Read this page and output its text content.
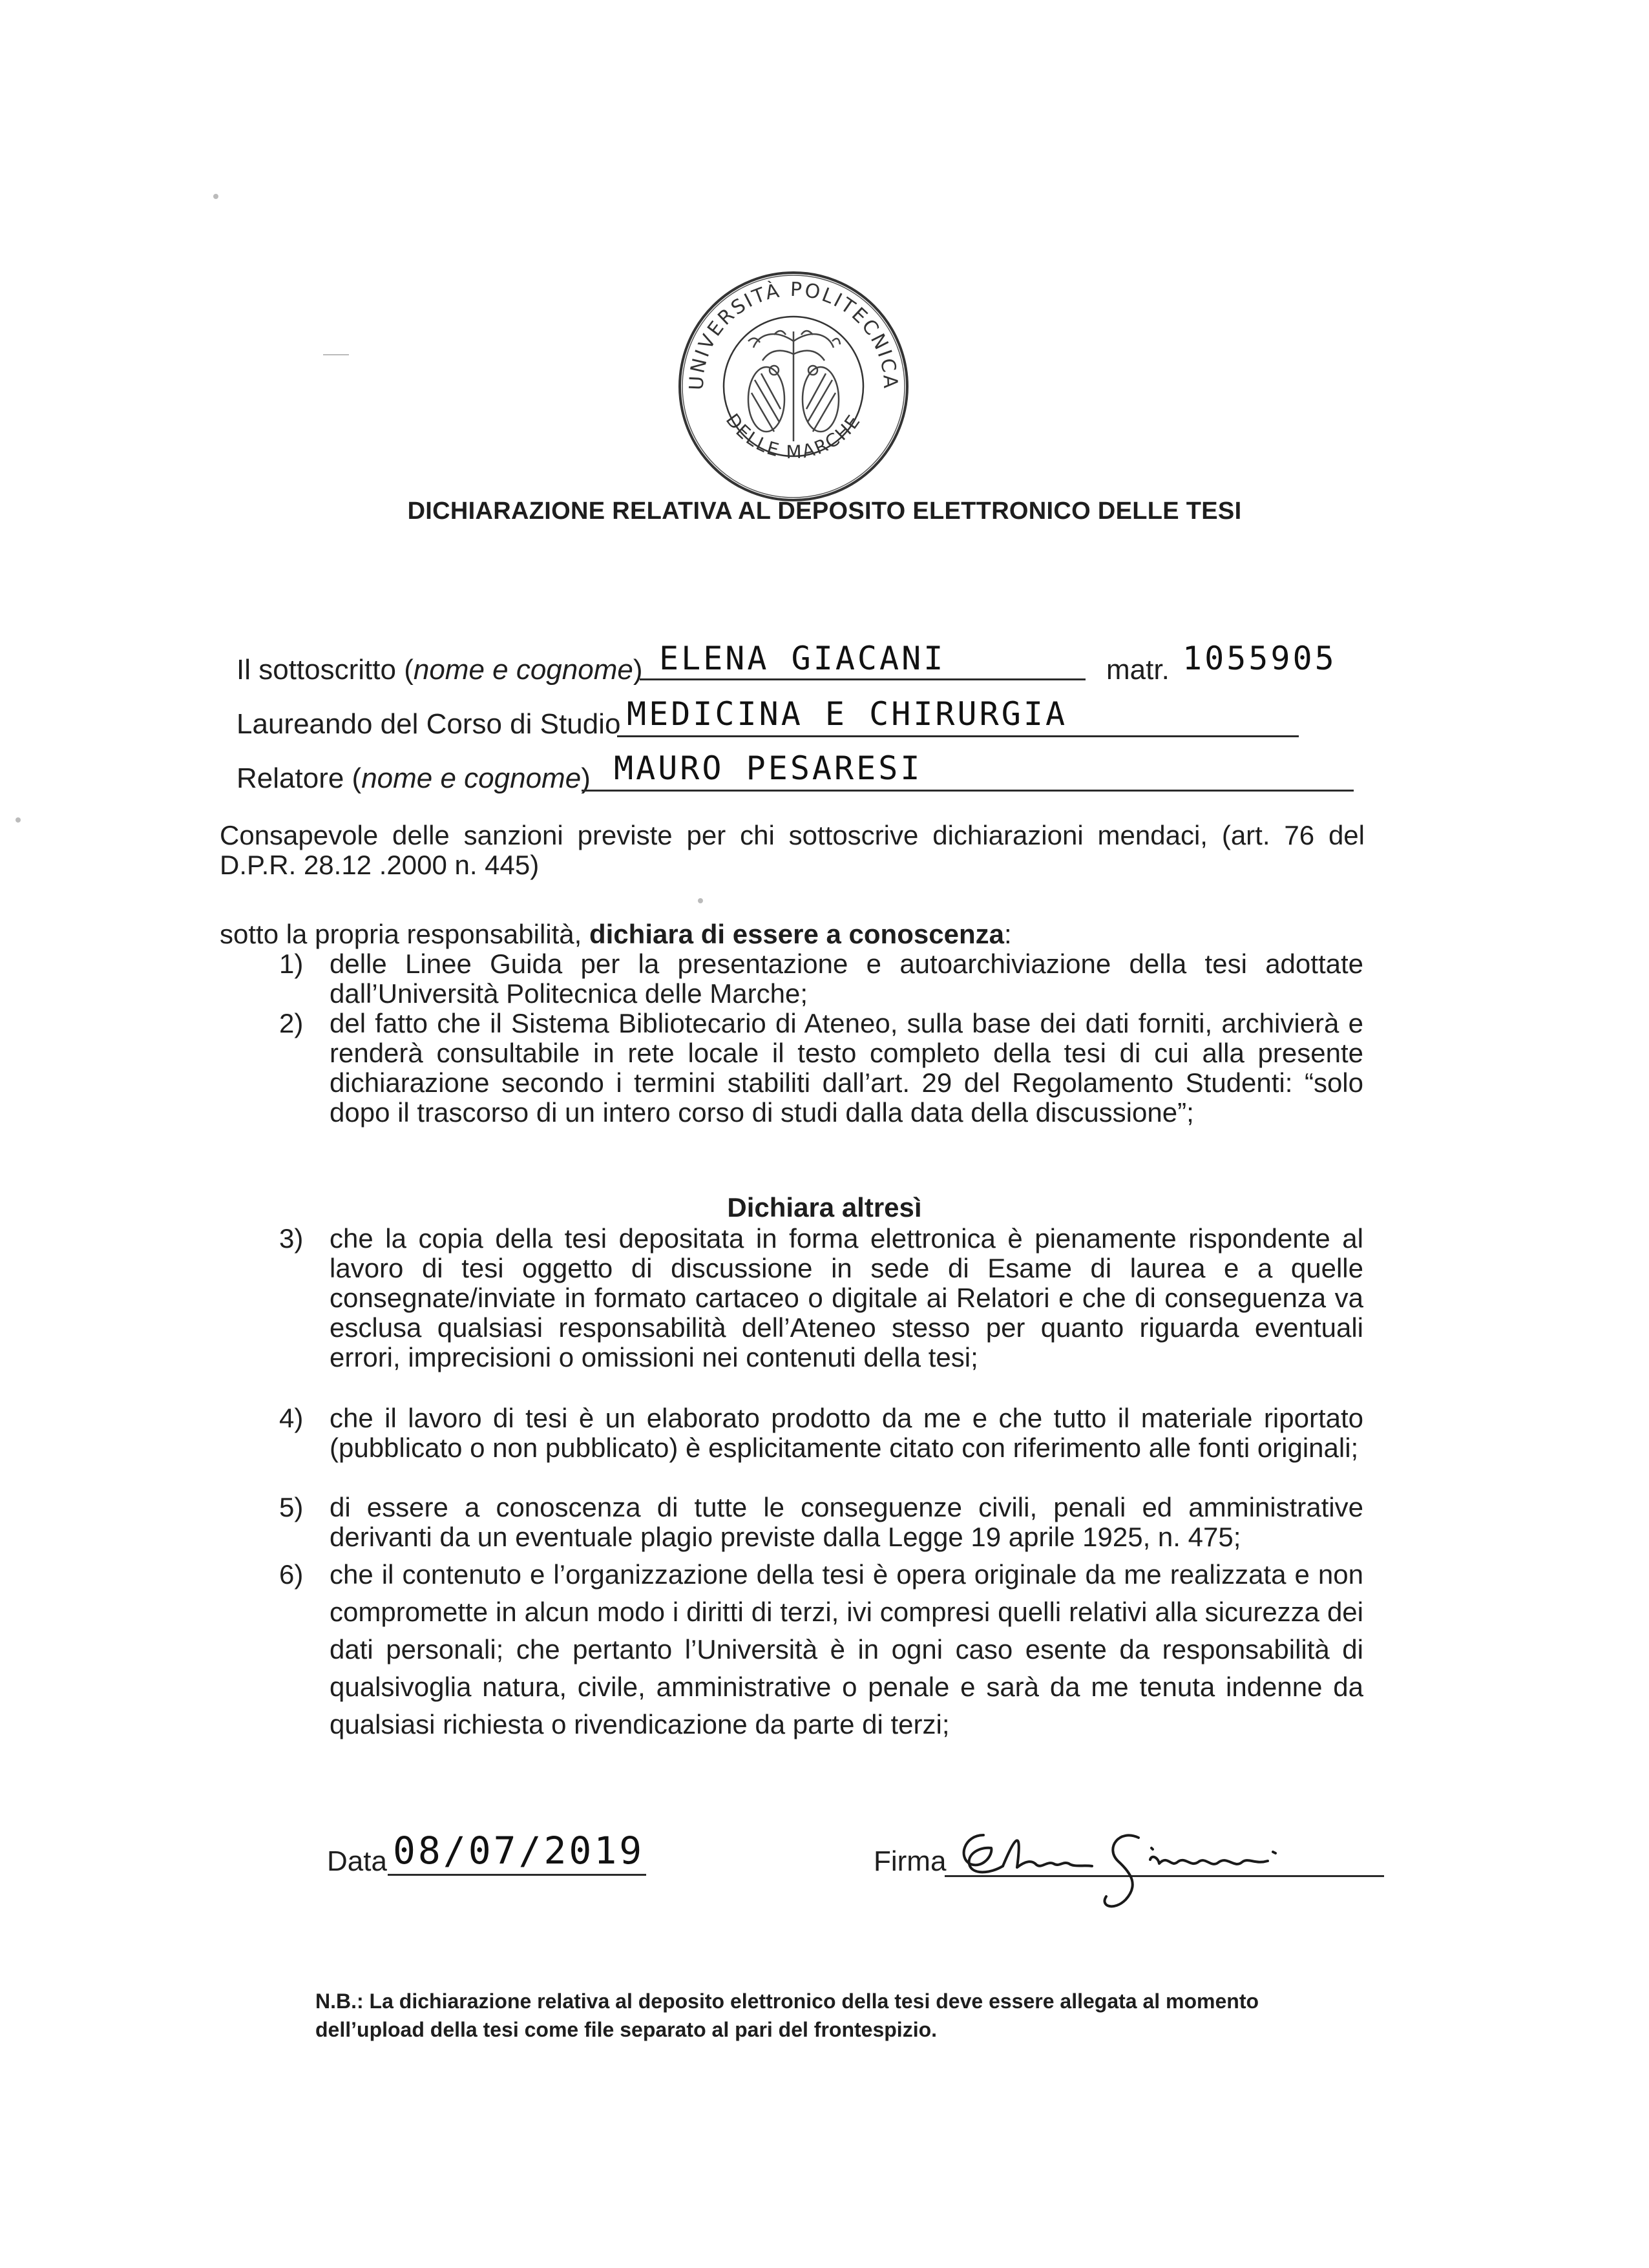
UNIVERSITÀ POLITECNICA
DELLE MARCHE
DICHIARAZIONE RELATIVA AL DEPOSITO ELETTRONICO DELLE TESI
Il sottoscritto (nome e cognome) ELENA GIACANI	matr. 1055905
Laureando del Corso di Studio MEDICINA E CHIRURGIA
Relatore (nome e cognome) MAURO PESARESI
Consapevole delle sanzioni previste per chi sottoscrive dichiarazioni mendaci, (art. 76 del D.P.R. 28.12 .2000 n. 445)
sotto la propria responsabilità, dichiara di essere a conoscenza:
1) delle Linee Guida per la presentazione e autoarchiviazione della tesi adottate dall’Università Politecnica delle Marche;
2) del fatto che il Sistema Bibliotecario di Ateneo, sulla base dei dati forniti, archivierà e renderà consultabile in rete locale il testo completo della tesi di cui alla presente dichiarazione secondo i termini stabiliti dall’art. 29 del Regolamento Studenti: “solo dopo il trascorso di un intero corso di studi dalla data della discussione”;
Dichiara altresì
3) che la copia della tesi depositata in forma elettronica è pienamente rispondente al lavoro di tesi oggetto di discussione in sede di Esame di laurea e a quelle consegnate/inviate in formato cartaceo o digitale ai Relatori e che di conseguenza va esclusa qualsiasi responsabilità dell’Ateneo stesso per quanto riguarda eventuali errori, imprecisioni o omissioni nei contenuti della tesi;
4) che il lavoro di tesi è un elaborato prodotto da me e che tutto il materiale riportato (pubblicato o non pubblicato) è esplicitamente citato con riferimento alle fonti originali;
5) di essere a conoscenza di tutte le conseguenze civili, penali ed amministrative derivanti da un eventuale plagio previste dalla Legge 19 aprile 1925, n. 475;
6) che il contenuto e l’organizzazione della tesi è opera originale da me realizzata e non compromette in alcun modo i diritti di terzi, ivi compresi quelli relativi alla sicurezza dei dati personali; che pertanto l’Università è in ogni caso esente da responsabilità di qualsivoglia natura, civile, amministrative o penale e sarà da me tenuta indenne da qualsiasi richiesta o rivendicazione da parte di terzi;
Data 08/07/2019	Firma
N.B.: La dichiarazione relativa al deposito elettronico della tesi deve essere allegata al momento dell’upload della tesi come file separato al pari del frontespizio.
